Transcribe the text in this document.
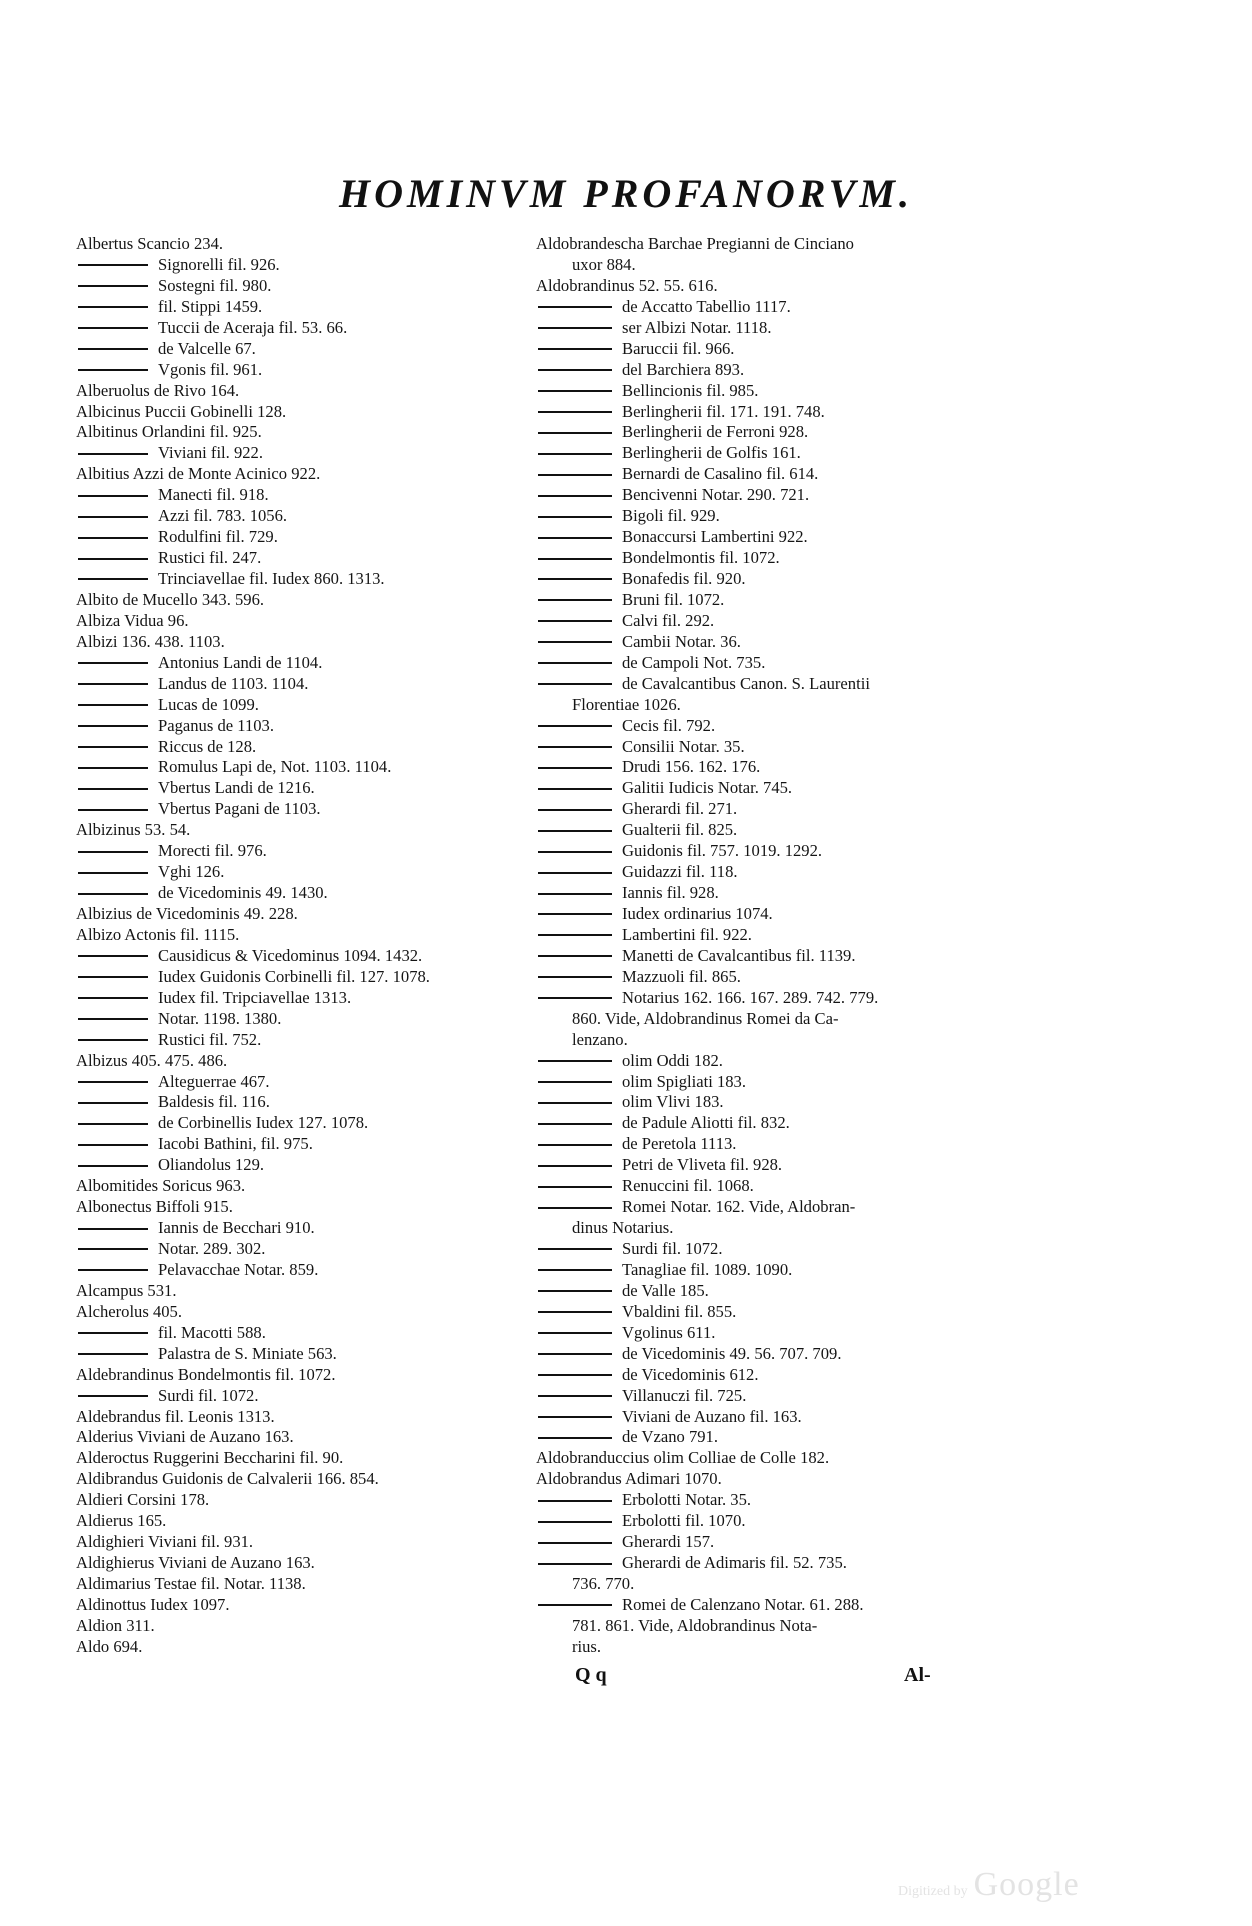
HOMINVM PROFANORVM.
Albertus Scancio 234.
Signorelli fil. 926.
Sostegni fil. 980.
fil. Stippi 1459.
Tuccii de Aceraja fil. 53. 66.
de Valcelle 67.
Vgonis fil. 961.
Alberuolus de Rivo 164.
Albicinus Puccii Gobinelli 128.
Albitinus Orlandini fil. 925.
Viviani fil. 922.
Albitius Azzi de Monte Acinico 922.
Manecti fil. 918.
Azzi fil. 783. 1056.
Rodulfini fil. 729.
Rustici fil. 247.
Trinciavellae fil. Iudex 860. 1313.
Albito de Mucello 343. 596.
Albiza Vidua 96.
Albizi 136. 438. 1103.
Antonius Landi de 1104.
Landus de 1103. 1104.
Lucas de 1099.
Paganus de 1103.
Riccus de 128.
Romulus Lapi de, Not. 1103. 1104.
Vbertus Landi de 1216.
Vbertus Pagani de 1103.
Albizinus 53. 54.
Morecti fil. 976.
Vghi 126.
de Vicedominis 49. 1430.
Albizius de Vicedominis 49. 228.
Albizo Actonis fil. 1115.
Causidicus & Vicedominus 1094. 1432.
Iudex Guidonis Corbinelli fil. 127. 1078.
Iudex fil. Tripciavellae 1313.
Notar. 1198. 1380.
Rustici fil. 752.
Albizus 405. 475. 486.
Alteguerrae 467.
Baldesis fil. 116.
de Corbinellis Iudex 127. 1078.
Iacobi Bathini, fil. 975.
Oliandolus 129.
Albomitides Soricus 963.
Albonectus Biffoli 915.
Iannis de Becchari 910.
Notar. 289. 302.
Pelavacchae Notar. 859.
Alcampus 531.
Alcherolus 405.
fil. Macotti 588.
Palastra de S. Miniate 563.
Aldebrandinus Bondelmontis fil. 1072.
Surdi fil. 1072.
Aldebrandus fil. Leonis 1313.
Alderius Viviani de Auzano 163.
Alderoctus Ruggerini Beccharini fil. 90.
Aldibrandus Guidonis de Calvalerii 166. 854.
Aldieri Corsini 178.
Aldierus 165.
Aldighieri Viviani fil. 931.
Aldighierus Viviani de Auzano 163.
Aldimarius Testae fil. Notar. 1138.
Aldinottus Iudex 1097.
Aldion 311.
Aldo 694.
Aldobrandescha Barchae Pregianni de Cinciano
uxor 884.
Aldobrandinus 52. 55. 616.
de Accatto Tabellio 1117.
ser Albizi Notar. 1118.
Baruccii fil. 966.
del Barchiera 893.
Bellincionis fil. 985.
Berlingherii fil. 171. 191. 748.
Berlingherii de Ferroni 928.
Berlingherii de Golfis 161.
Bernardi de Casalino fil. 614.
Bencivenni Notar. 290. 721.
Bigoli fil. 929.
Bonaccursi Lambertini 922.
Bondelmontis fil. 1072.
Bonafedis fil. 920.
Bruni fil. 1072.
Calvi fil. 292.
Cambii Notar. 36.
de Campoli Not. 735.
de Cavalcantibus Canon. S. Laurentii
Florentiae 1026.
Cecis fil. 792.
Consilii Notar. 35.
Drudi 156. 162. 176.
Galitii Iudicis Notar. 745.
Gherardi fil. 271.
Gualterii fil. 825.
Guidonis fil. 757. 1019. 1292.
Guidazzi fil. 118.
Iannis fil. 928.
Iudex ordinarius 1074.
Lambertini fil. 922.
Manetti de Cavalcantibus fil. 1139.
Mazzuoli fil. 865.
Notarius 162. 166. 167. 289. 742. 779.
860. Vide, Aldobrandinus Romei da Ca-
lenzano.
olim Oddi 182.
olim Spigliati 183.
olim Vlivi 183.
de Padule Aliotti fil. 832.
de Peretola 1113.
Petri de Vliveta fil. 928.
Renuccini fil. 1068.
Romei Notar. 162. Vide, Aldobran-
dinus Notarius.
Surdi fil. 1072.
Tanagliae fil. 1089. 1090.
de Valle 185.
Vbaldini fil. 855.
Vgolinus 611.
de Vicedominis 49. 56. 707. 709.
de Vicedominis 612.
Villanuczi fil. 725.
Viviani de Auzano fil. 163.
de Vzano 791.
Aldobranduccius olim Colliae de Colle 182.
Aldobrandus Adimari 1070.
Erbolotti Notar. 35.
Erbolotti fil. 1070.
Gherardi 157.
Gherardi de Adimaris fil. 52. 735.
736. 770.
Romei de Calenzano Notar. 61. 288.
781. 861. Vide, Aldobrandinus Nota-
rius.
Q q	Al-
Digitized by Google
